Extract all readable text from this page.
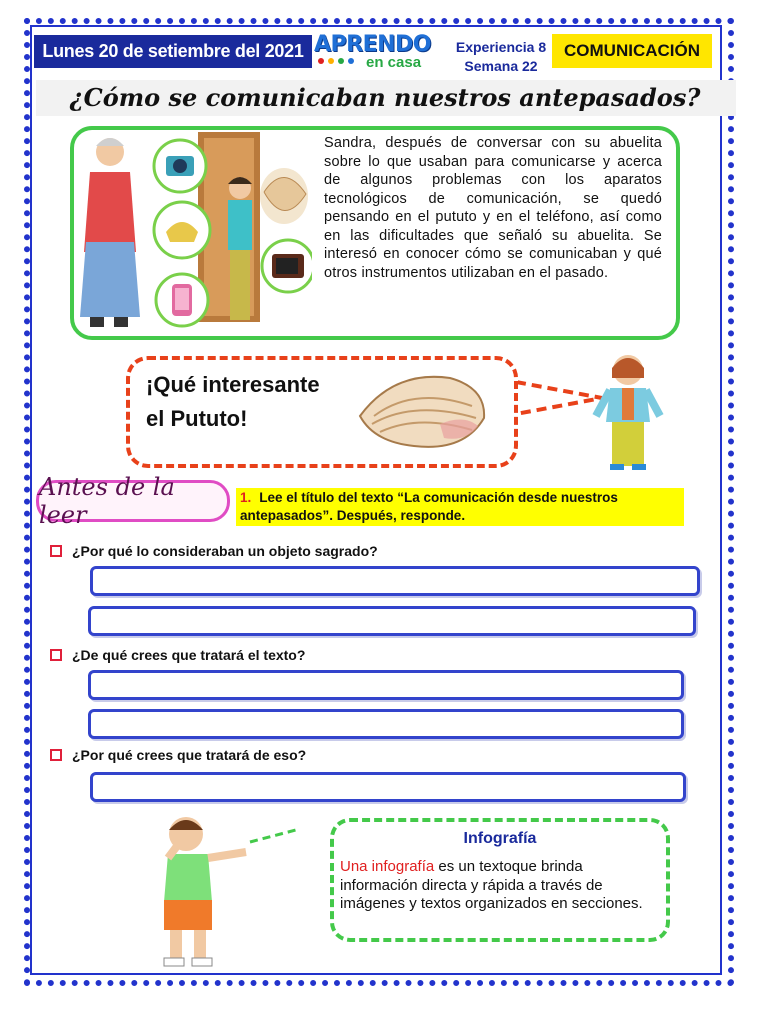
Lunes 20 de setiembre del 2021 APRENDO
en casa
Experiencia 8
Semana 22
COMUNICACIÓN
¿Cómo se comunicaban nuestros antepasados?
Sandra, después de conversar con su abuelita sobre lo que usaban para comunicarse y acerca de algunos problemas con los aparatos tecnológicos de comunicación, se quedó pensando en el pututo y en el teléfono, así como en las dificultades que señaló su abuelita. Se interesó en conocer cómo se comunicaban y qué otros instrumentos utilizaban en el pasado.
¡Qué interesante
el Pututo!
Antes de la leer
1. Lee el título del texto “La comunicación desde nuestros antepasados”. Después, responde.
¿Por qué lo consideraban un objeto sagrado?
¿De qué crees que tratará el texto?
¿Por qué crees que tratará de eso?
Infografía
Una infografía es un textoque brinda información directa y rápida a través de imágenes y textos organizados en secciones.
